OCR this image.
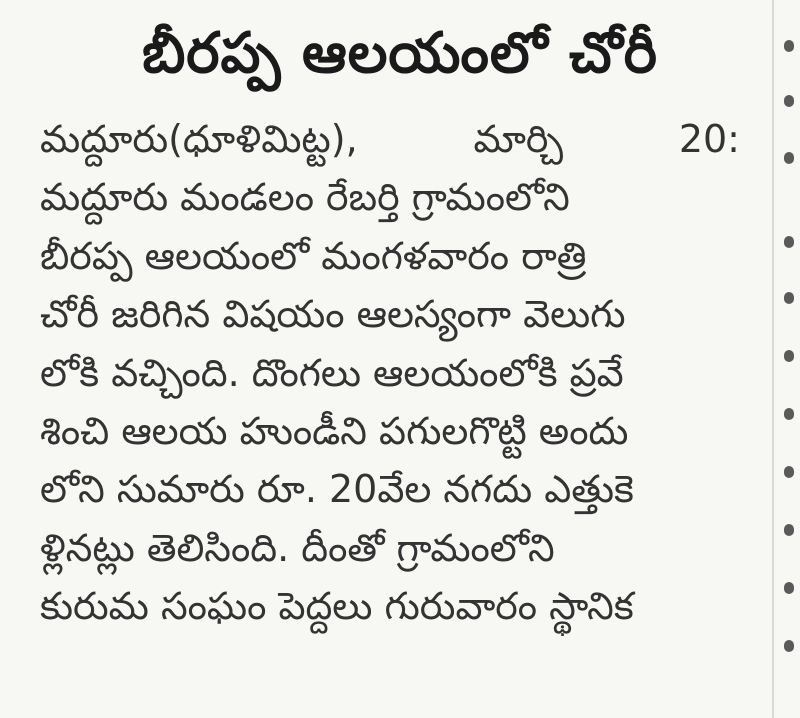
బీరప్ప ఆలయంలో చోరీ
మద్దూరు(ధూళిమిట్ట),	మార్చి	20:
మద్దూరు మండలం రేబర్తి గ్రామంలోని
బీరప్ప ఆలయంలో మంగళవారం రాత్రి
చోరీ జరిగిన విషయం ఆలస్యంగా వెలుగు
లోకి వచ్చింది. దొంగలు ఆలయంలోకి ప్రవే
శించి ఆలయ హుండీని పగులగొట్టి అందు
లోని సుమారు రూ. 20వేల నగదు ఎత్తుకె
ళ్లినట్లు తెలిసింది. దీంతో గ్రామంలోని
కురుమ సంఘం పెద్దలు గురువారం స్థానిక
